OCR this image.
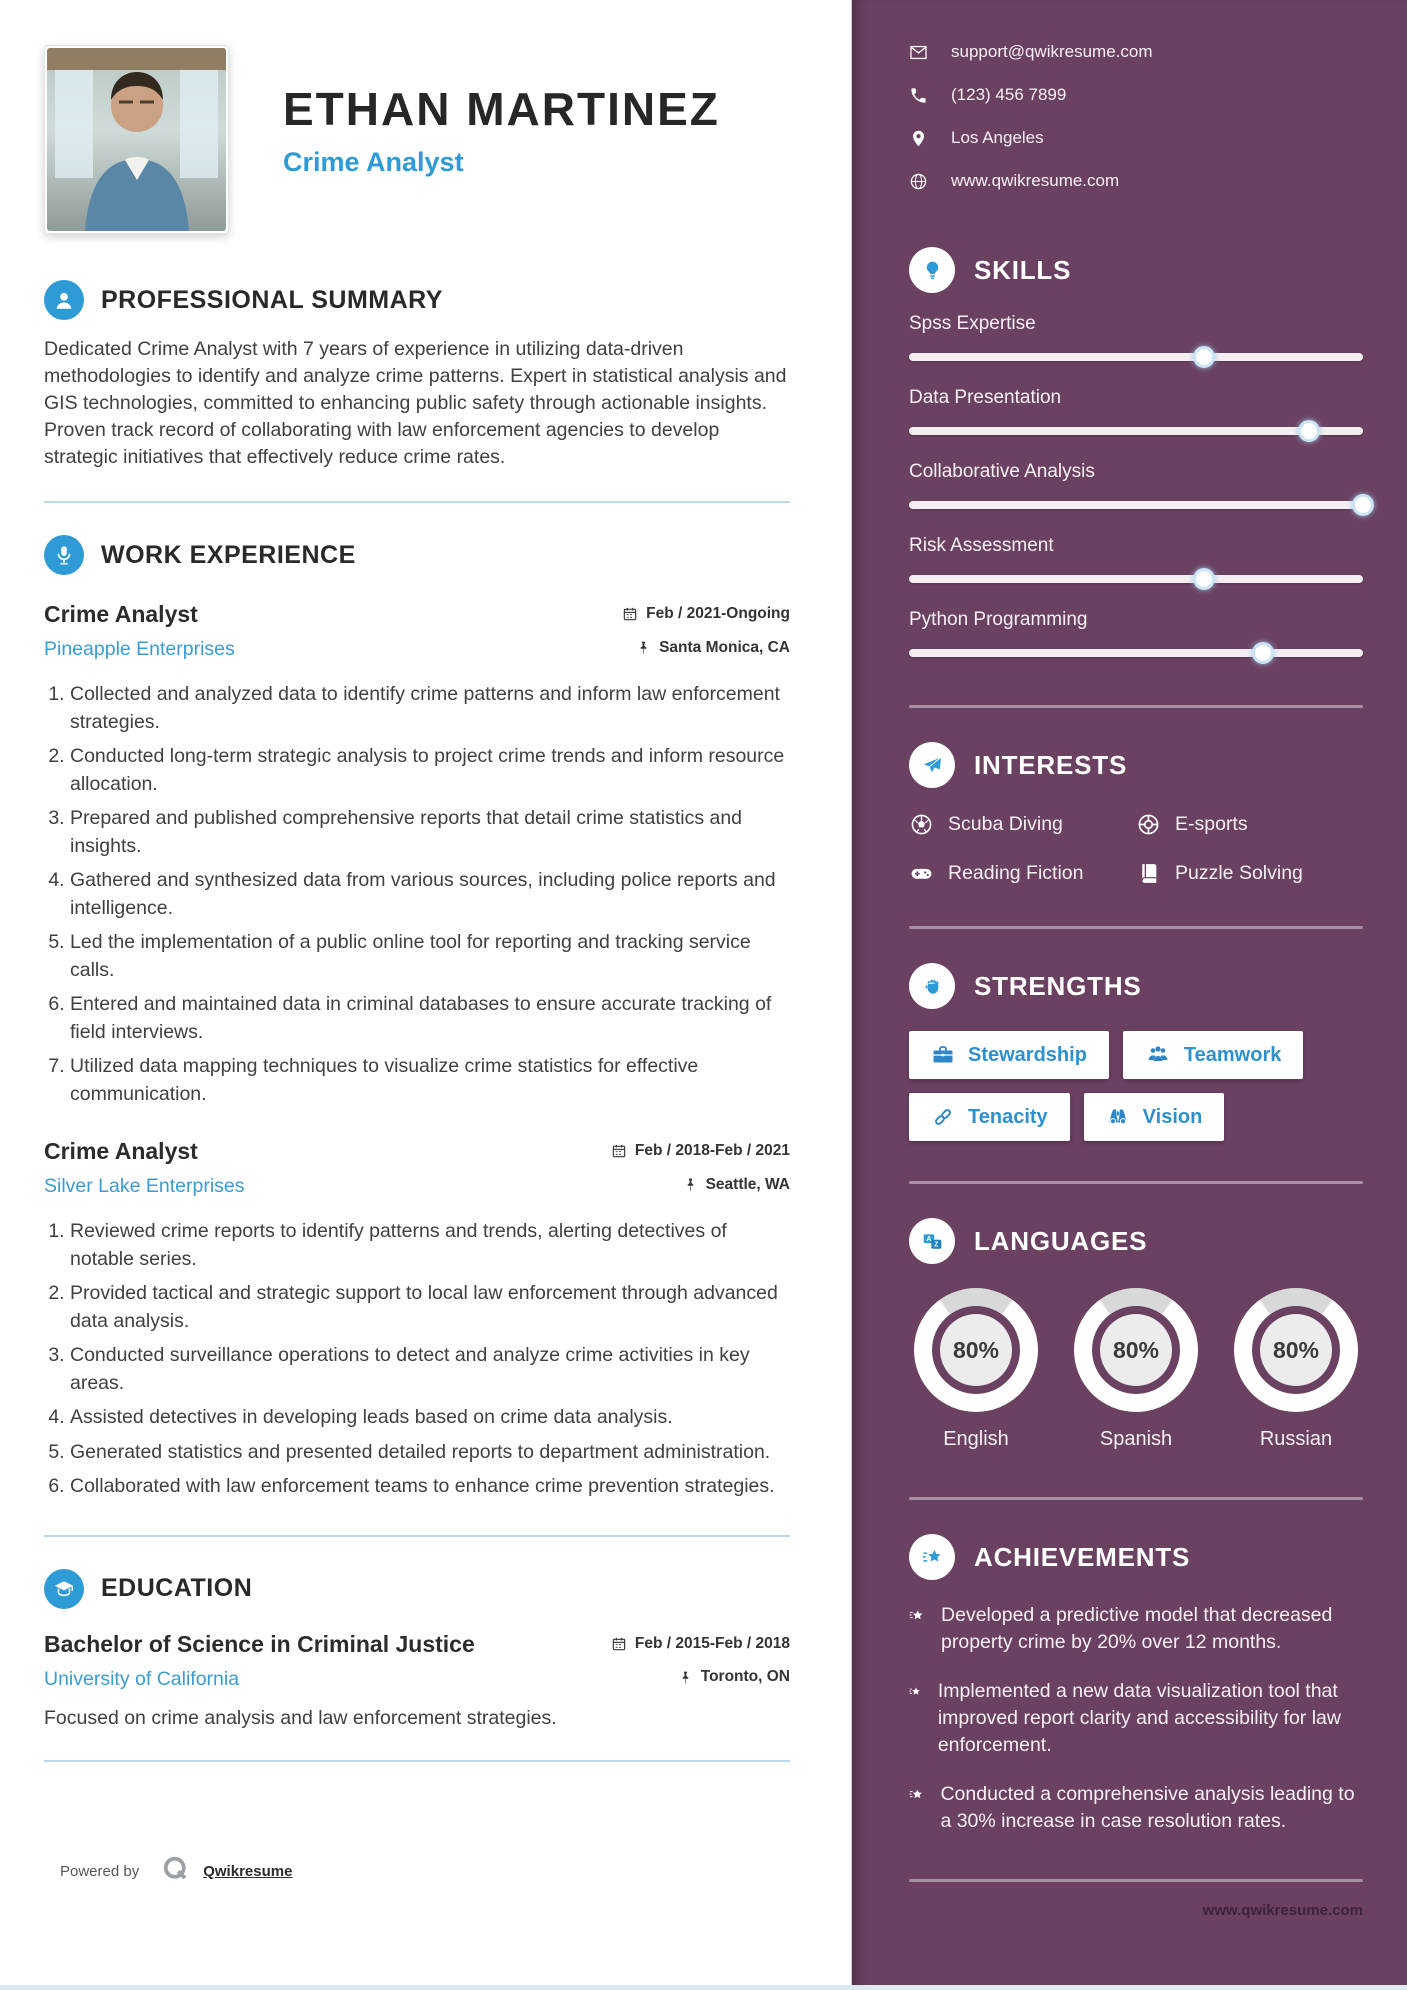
ETHAN MARTINEZ
Crime Analyst
PROFESSIONAL SUMMARY

Dedicated Crime Analyst with 7 years of experience in utilizing data-driven methodologies to identify and analyze crime patterns. Expert in statistical analysis and GIS technologies, committed to enhancing public safety through actionable insights. Proven track record of collaborating with law enforcement agencies to develop strategic initiatives that effectively reduce crime rates.

WORK EXPERIENCE
Crime Analyst	Feb / 2021-Ongoing
Pineapple Enterprises	Santa Monica, CA
1. Collected and analyzed data to identify crime patterns and inform law enforcement strategies.
2. Conducted long-term strategic analysis to project crime trends and inform resource allocation.
3. Prepared and published comprehensive reports that detail crime statistics and insights.
4. Gathered and synthesized data from various sources, including police reports and intelligence.
5. Led the implementation of a public online tool for reporting and tracking service calls.
6. Entered and maintained data in criminal databases to ensure accurate tracking of field interviews.
7. Utilized data mapping techniques to visualize crime statistics for effective communication.
Crime Analyst	Feb / 2018-Feb / 2021
Silver Lake Enterprises	Seattle, WA
1. Reviewed crime reports to identify patterns and trends, alerting detectives of notable series.
2. Provided tactical and strategic support to local law enforcement through advanced data analysis.
3. Conducted surveillance operations to detect and analyze crime activities in key areas.
4. Assisted detectives in developing leads based on crime data analysis.
5. Generated statistics and presented detailed reports to department administration.
6. Collaborated with law enforcement teams to enhance crime prevention strategies.
EDUCATION
Bachelor of Science in Criminal Justice	Feb / 2015-Feb / 2018
University of California	Toronto, ON

Focused on crime analysis and law enforcement strategies.

Powered by	Qwikresume
support@qwikresume.com
(123) 456 7899
Los Angeles
www.qwikresume.com
SKILLS
Spss Expertise
Data Presentation
Collaborative Analysis
Risk Assessment
Python Programming
INTERESTS
Scuba Diving	E-sports
Reading Fiction	Puzzle Solving
STRENGTHS
Stewardship	Teamwork
Tenacity	Vision
A
Z LANGUAGES
80%
English
80%
Spanish
80%
Russian
ACHIEVEMENTS

Developed a predictive model that decreased property crime by 20% over 12 months.

Implemented a new data visualization tool that improved report clarity and accessibility for law enforcement.

Conducted a comprehensive analysis leading to a 30% increase in case resolution rates.

www.qwikresume.com
